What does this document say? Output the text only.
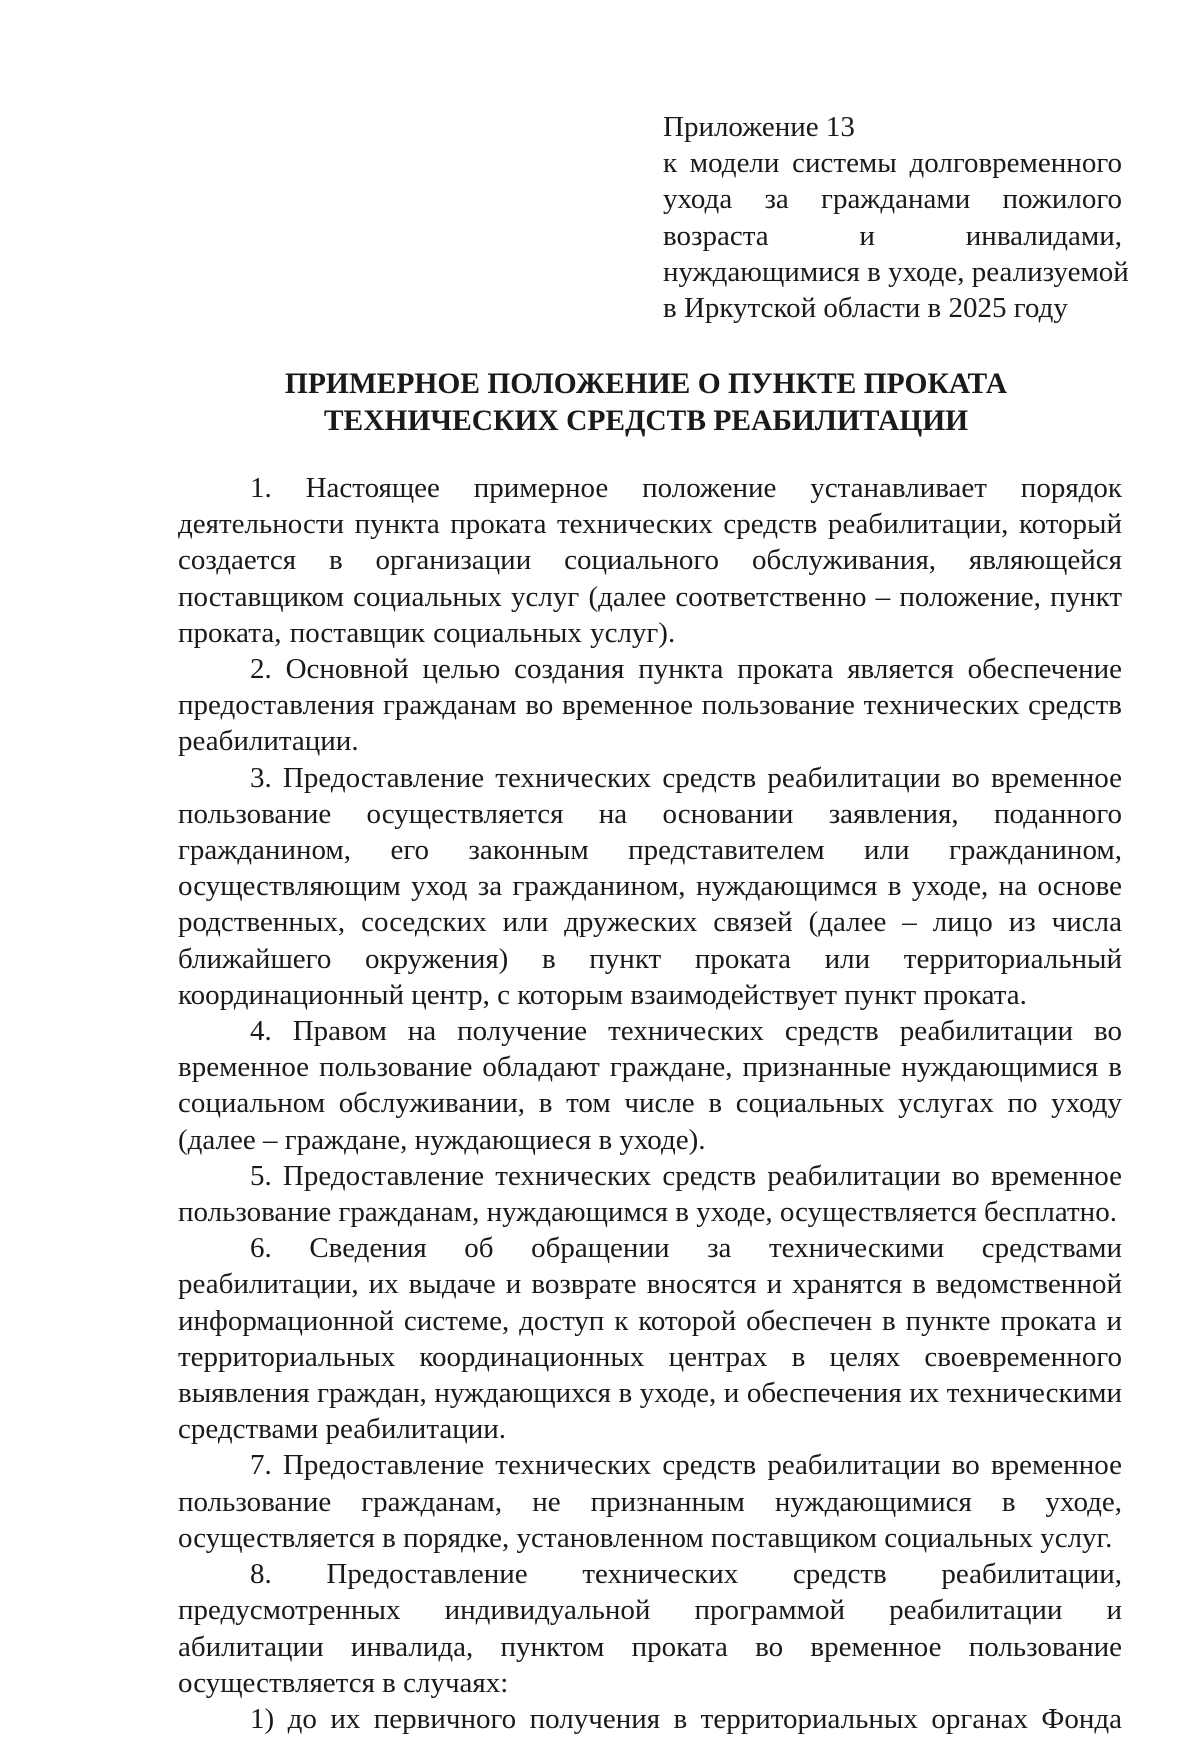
Приложение 13
к модели системы долговременного
ухода за гражданами пожилого
возраста и инвалидами,
нуждающимися в уходе, реализуемой
в Иркутской области в 2025 году
ПРИМЕРНОЕ ПОЛОЖЕНИЕ О ПУНКТЕ ПРОКАТА
ТЕХНИЧЕСКИХ СРЕДСТВ РЕАБИЛИТАЦИИ

1. Настоящее примерное положение устанавливает порядок деятельности пункта проката технических средств реабилитации, который создается в организации социального обслуживания, являющейся поставщиком социальных услуг (далее соответственно – положение, пункт проката, поставщик социальных услуг).

2. Основной целью создания пункта проката является обеспечение предоставления гражданам во временное пользование технических средств реабилитации.

3. Предоставление технических средств реабилитации во временное пользование осуществляется на основании заявления, поданного гражданином, его законным представителем или гражданином, осуществляющим уход за гражданином, нуждающимся в уходе, на основе родственных, соседских или дружеских связей (далее – лицо из числа ближайшего окружения) в пункт проката или территориальный координационный центр, с которым взаимодействует пункт проката.

4. Правом на получение технических средств реабилитации во временное пользование обладают граждане, признанные нуждающимися в социальном обслуживании, в том числе в социальных услугах по уходу (далее – граждане, нуждающиеся в уходе).

5. Предоставление технических средств реабилитации во временное пользование гражданам, нуждающимся в уходе, осуществляется бесплатно.

6. Сведения об обращении за техническими средствами реабилитации, их выдаче и возврате вносятся и хранятся в ведомственной информационной системе, доступ к которой обеспечен в пункте проката и территориальных координационных центрах в целях своевременного выявления граждан, нуждающихся в уходе, и обеспечения их техническими средствами реабилитации.

7. Предоставление технических средств реабилитации во временное пользование гражданам, не признанным нуждающимися в уходе, осуществляется в порядке, установленном поставщиком социальных услуг.

8. Предоставление технических средств реабилитации, предусмотренных индивидуальной программой реабилитации и абилитации инвалида, пунктом проката во временное пользование осуществляется в случаях:

1) до их первичного получения в территориальных органах Фонда
